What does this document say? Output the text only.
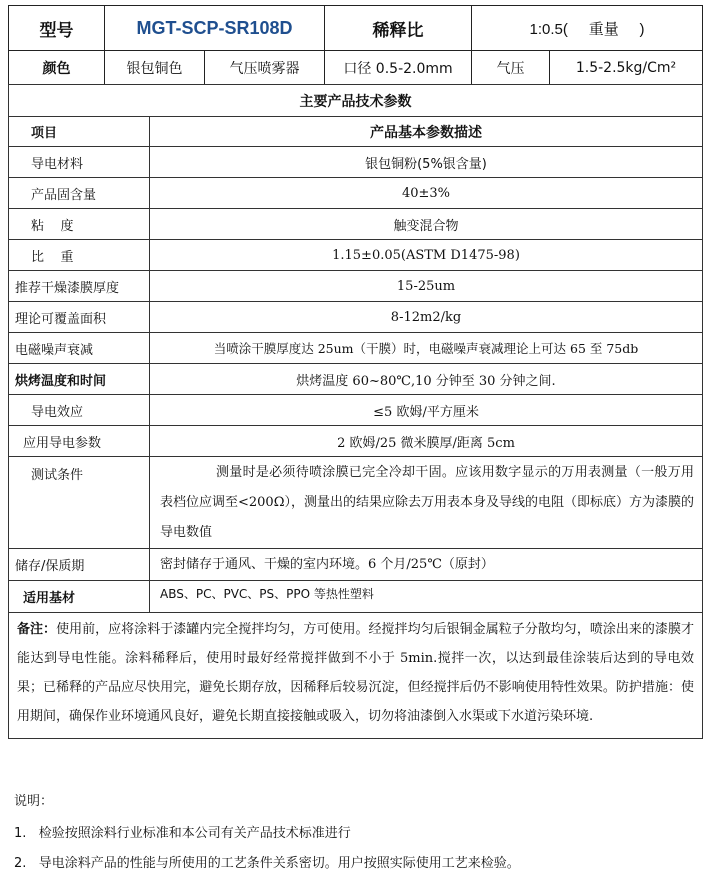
型号	MGT-SCP-SR108D		稀释比	1:0.5(     重量     )	
颜色	银包铜色	气压喷雾器	口径 0.5-2.0mm	气压	1.5-2.5kg/Cm²
主要产品技术参数	
项目	产品基本参数描述
导电材料	银包铜粉(5%银含量)
产品固含量	40±3%
粘    度	触变混合物
比    重	1.15±0.05(ASTM D1475-98)
推荐干燥漆膜厚度	15-25um
理论可覆盖面积	8-12m2/kg
电磁噪声衰减	当喷涂干膜厚度达 25um（干膜）时，电磁噪声衰减理论上可达 65 至 75db
烘烤温度和时间	烘烤温度 60~80℃,10 分钟至 30 分钟之间.
导电效应	≤5 欧姆/平方厘米
应用导电参数	2 欧姆/25 微米膜厚/距离 5cm
测试条件	测量时是必须待喷涂膜已完全冷却干固。应该用数字显示的万用表测量（一般万用表档位应调至<200Ω），测量出的结果应除去万用表本身及导线的电阻（即标底）方为漆膜的导电数值
储存/保质期	密封储存于通风、干燥的室内环境。6 个月/25℃（原封）
适用基材	ABS、PC、PVC、PS、PPO 等热性塑料
备注：使用前，应将涂料于漆罐内完全搅拌均匀，方可使用。经搅拌均匀后银铜金属粒子分散均匀，喷涂出来的漆膜才能达到导电性能。涂料稀释后，使用时最好经常搅拌做到不小于 5min.搅拌一次，以达到最佳涂装后达到的导电效果；已稀释的产品应尽快用完，避免长期存放，因稀释后较易沉淀，但经搅拌后仍不影响使用特性效果。防护措施：使用期间，确保作业环境通风良好，避免长期直接接触或吸入，切勿将油漆倒入水渠或下水道污染环境.	
说明：
1.   检验按照涂料行业标准和本公司有关产品技术标准进行
2.   导电涂料产品的性能与所使用的工艺条件关系密切。用户按照实际使用工艺来检验。
